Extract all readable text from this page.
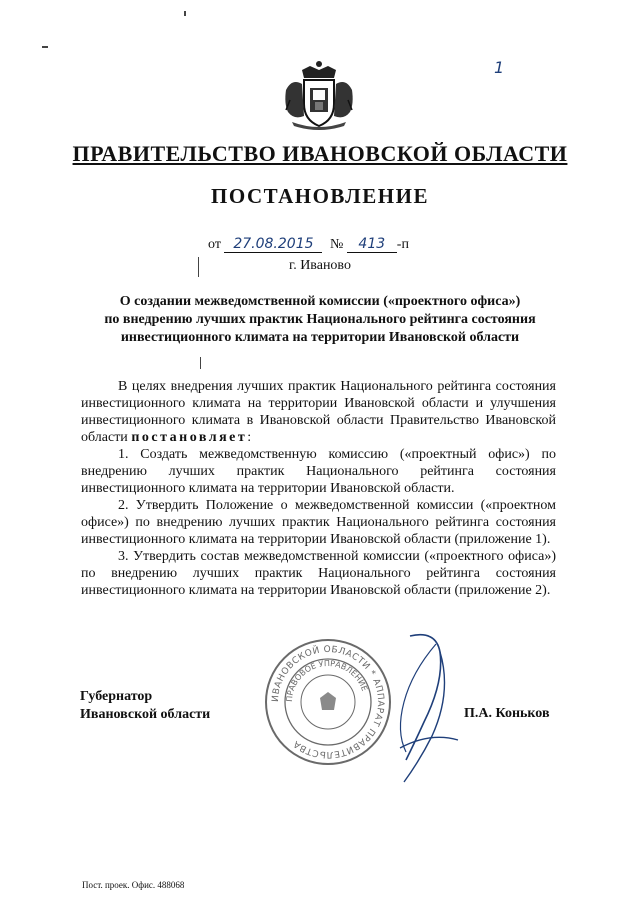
1
ПРАВИТЕЛЬСТВО ИВАНОВСКОЙ ОБЛАСТИ
ПОСТАНОВЛЕНИЕ
от 27.08.2015 № 413 -п
г. Иваново
О создании межведомственной комиссии («проектного офиса»)
по внедрению лучших практик Национального рейтинга состояния
инвестиционного климата на территории Ивановской области

В целях внедрения лучших практик Национального рейтинга состояния инвестиционного климата на территории Ивановской области и улучшения инвестиционного климата в Ивановской области Правительство Ивановской области постановляет:

1. Создать межведомственную комиссию («проектный офис») по внедрению лучших практик Национального рейтинга состояния инвестиционного климата на территории Ивановской области.

2. Утвердить Положение о межведомственной комиссии («проектном офисе») по внедрению лучших практик Национального рейтинга состояния инвестиционного климата на территории Ивановской области (приложение 1).

3. Утвердить состав межведомственной комиссии («проектного офиса») по внедрению лучших практик Национального рейтинга состояния инвестиционного климата на территории Ивановской области (приложение 2).

ИВАНОВСКОЙ ОБЛАСТИ * АППАРАТ ПРАВИТЕЛЬСТВА
ПРАВОВОЕ УПРАВЛЕНИЕ
Губернатор
Ивановской области	П.А. Коньков
Пост. проек. Офис. 488068
